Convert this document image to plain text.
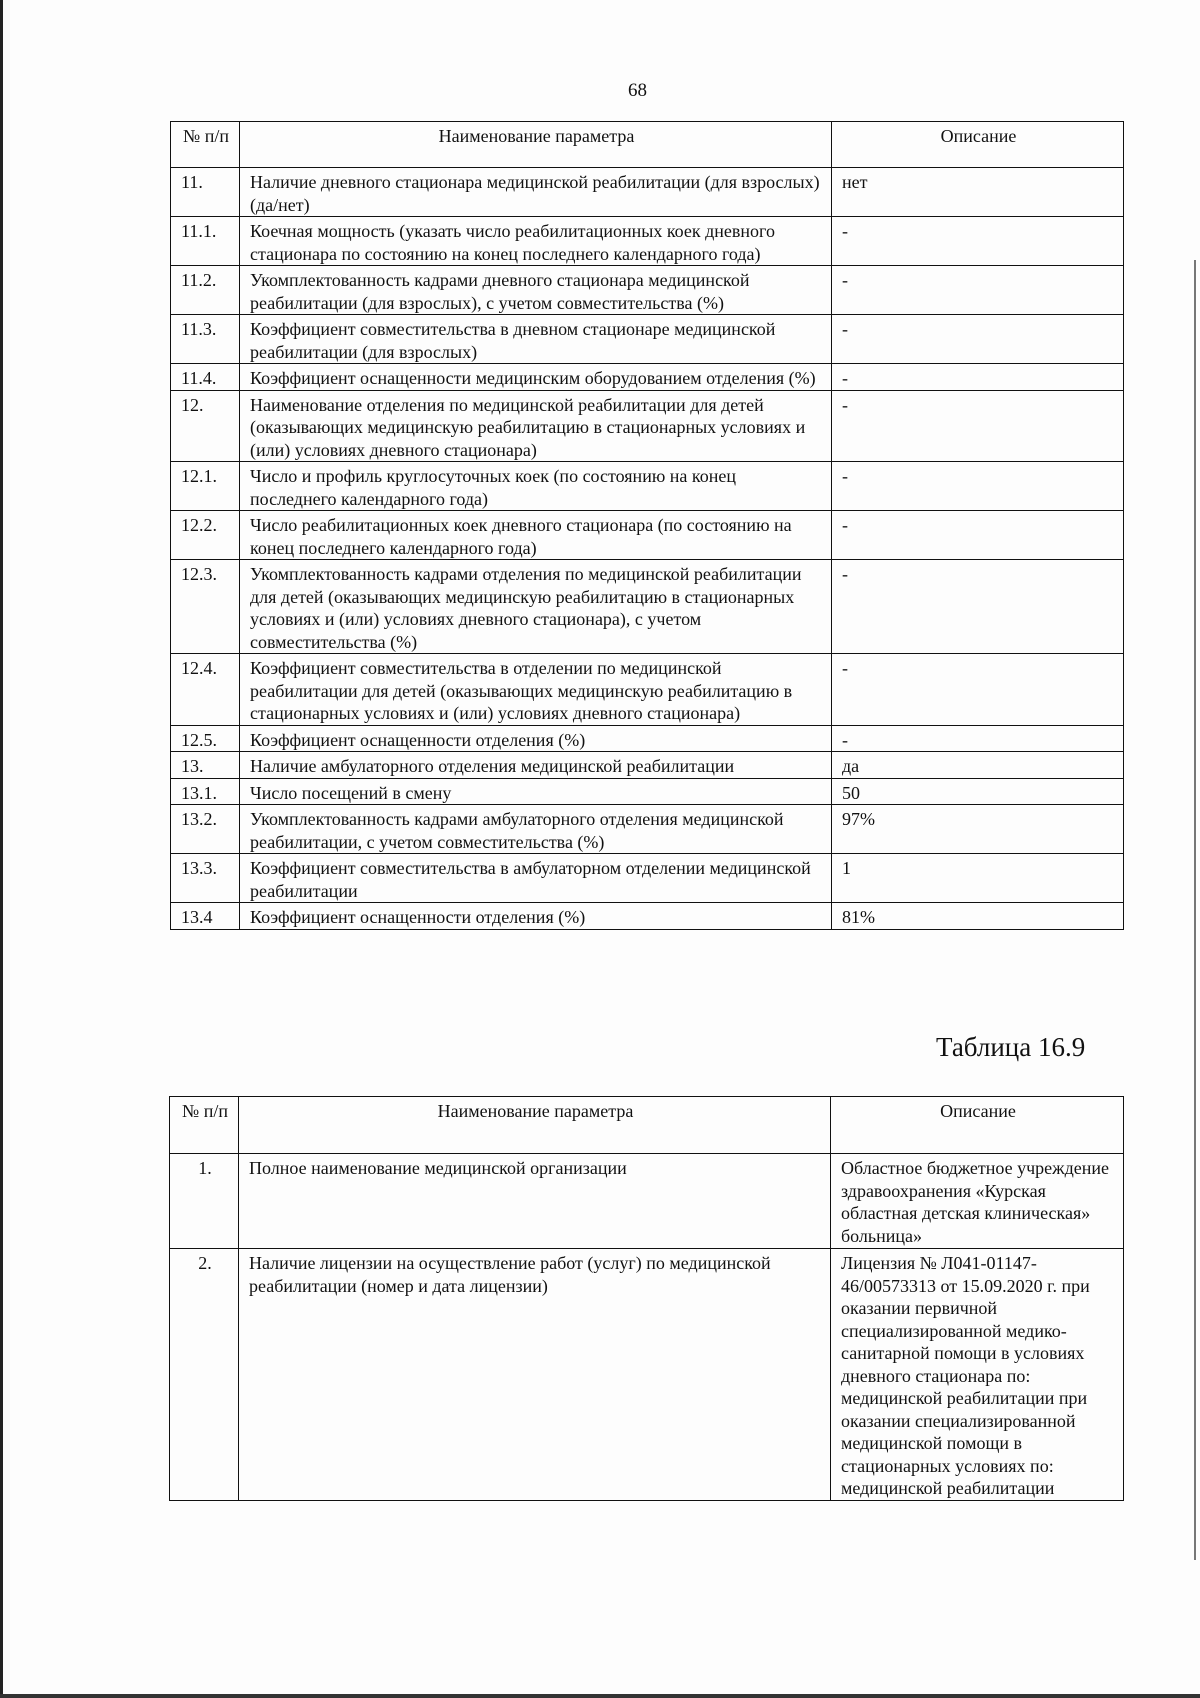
68
№ п/п	Наименование параметра	Описание
11.	Наличие дневного стационара медицинской реабилитации (для взрослых) (да/нет)	нет
11.1.	Коечная мощность (указать число реабилитационных коек дневного стационара по состоянию на конец последнего календарного года)	-
11.2.	Укомплектованность кадрами дневного стационара медицинской реабилитации (для взрослых), с учетом совместительства (%)	-
11.3.	Коэффициент совместительства в дневном стационаре медицинской реабилитации (для взрослых)	-
11.4.	Коэффициент оснащенности медицинским оборудованием отделения (%)	-
12.	Наименование отделения по медицинской реабилитации для детей (оказывающих медицинскую реабилитацию в стационарных условиях и (или) условиях дневного стационара)	-
12.1.	Число и профиль круглосуточных коек (по состоянию на конец последнего календарного года)	-
12.2.	Число реабилитационных коек дневного стационара (по состоянию на конец последнего календарного года)	-
12.3.	Укомплектованность кадрами отделения по медицинской реабилитации для детей (оказывающих медицинскую реабилитацию в стационарных условиях и (или) условиях дневного стационара), с учетом совместительства (%)	-
12.4.	Коэффициент совместительства в отделении по медицинской реабилитации для детей (оказывающих медицинскую реабилитацию в стационарных условиях и (или) условиях дневного стационара)	-
12.5.	Коэффициент оснащенности отделения (%)	-
13.	Наличие амбулаторного отделения медицинской реабилитации	да
13.1.	Число посещений в смену	50
13.2.	Укомплектованность кадрами амбулаторного отделения медицинской реабилитации, с учетом совместительства (%)	97%
13.3.	Коэффициент совместительства в амбулаторном отделении медицинской реабилитации	1
13.4	Коэффициент оснащенности отделения (%)	81%
Таблица 16.9
№ п/п	Наименование параметра	Описание
1.	Полное наименование медицинской организации	Областное бюджетное учреждение здравоохранения «Курская областная детская клиническая» больница»
2.	Наличие лицензии на осуществление работ (услуг) по медицинской реабилитации (номер и дата лицензии)	Лицензия № Л041-01147-46/00573313 от 15.09.2020 г. при оказании первичной специализированной медико-санитарной помощи в условиях дневного стационара по: медицинской реабилитации при оказании специализированной медицинской помощи в стационарных условиях по: медицинской реабилитации
